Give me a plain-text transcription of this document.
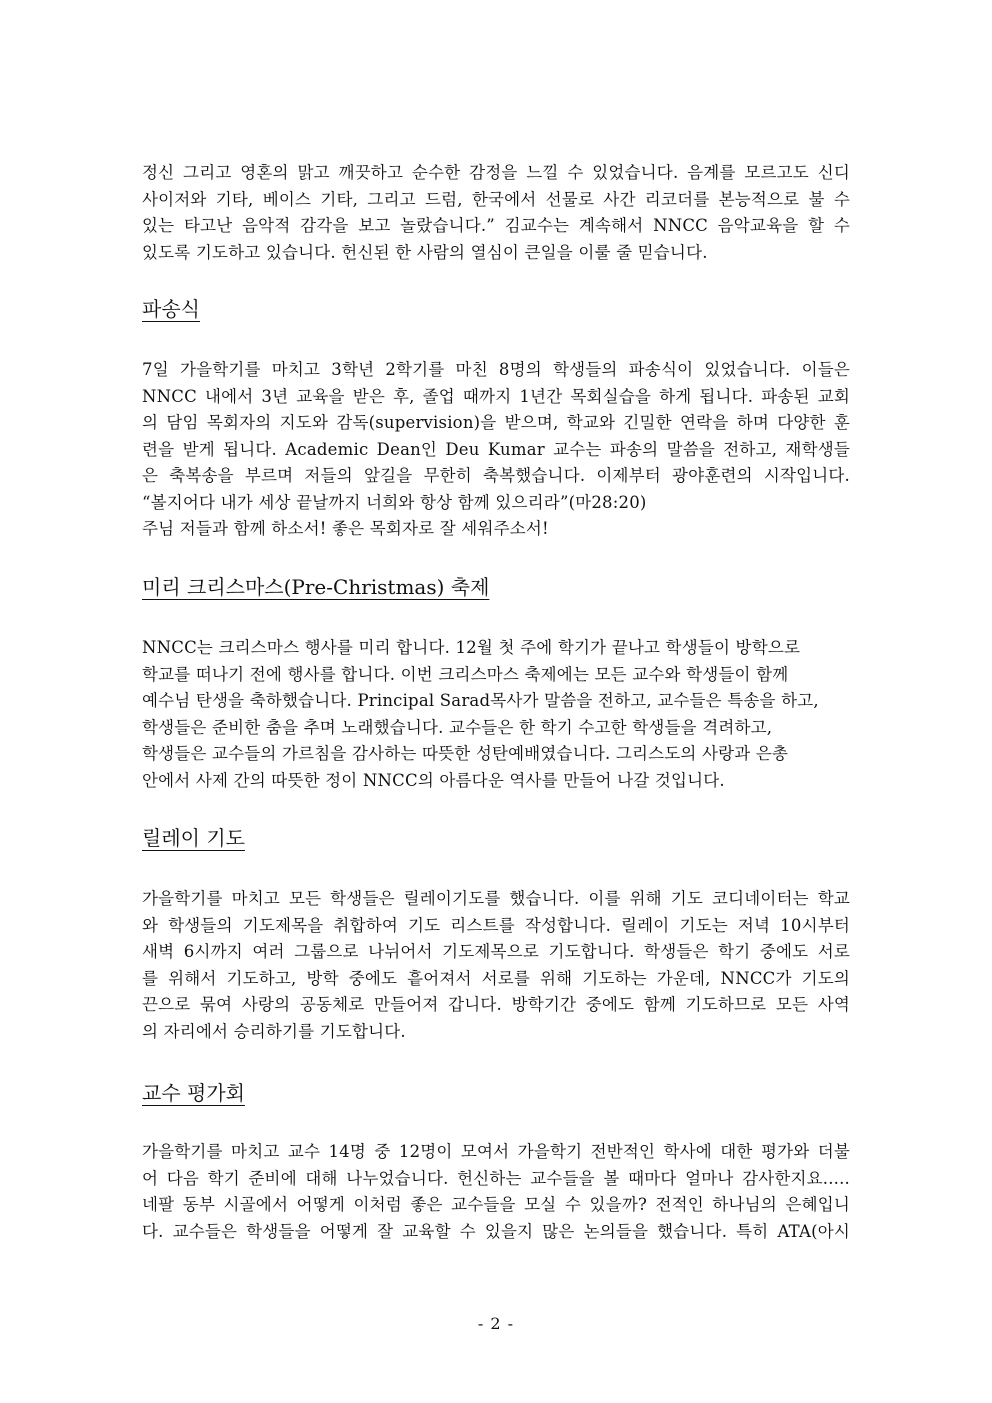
정신 그리고 영혼의 맑고 깨끗하고 순수한 감정을 느낄 수 있었습니다. 음계를 모르고도 신디
사이저와 기타, 베이스 기타, 그리고 드럼, 한국에서 선물로 사간 리코더를 본능적으로 불 수
있는 타고난 음악적 감각을 보고 놀랐습니다.” 김교수는 계속해서 NNCC 음악교육을 할 수
있도록 기도하고 있습니다. 헌신된 한 사람의 열심이 큰일을 이룰 줄 믿습니다.
파송식
7일 가을학기를 마치고 3학년 2학기를 마친 8명의 학생들의 파송식이 있었습니다. 이들은
NNCC 내에서 3년 교육을 받은 후, 졸업 때까지 1년간 목회실습을 하게 됩니다. 파송된 교회
의 담임 목회자의 지도와 감독(supervision)을 받으며, 학교와 긴밀한 연락을 하며 다양한 훈
련을 받게 됩니다. Academic Dean인 Deu Kumar 교수는 파송의 말씀을 전하고, 재학생들
은 축복송을 부르며 저들의 앞길을 무한히 축복했습니다. 이제부터 광야훈련의 시작입니다.
“볼지어다 내가 세상 끝날까지 너희와 항상 함께 있으리라”(마28:20)
주님 저들과 함께 하소서! 좋은 목회자로 잘 세워주소서!
미리 크리스마스(Pre-Christmas) 축제
NNCC는 크리스마스 행사를 미리 합니다. 12월 첫 주에 학기가 끝나고 학생들이 방학으로
학교를 떠나기 전에 행사를 합니다. 이번 크리스마스 축제에는 모든 교수와 학생들이 함께
예수님 탄생을 축하했습니다. Principal Sarad목사가 말씀을 전하고, 교수들은 특송을 하고,
학생들은 준비한 춤을 추며 노래했습니다. 교수들은 한 학기 수고한 학생들을 격려하고,
학생들은 교수들의 가르침을 감사하는 따뜻한 성탄예배였습니다. 그리스도의 사랑과 은총
안에서 사제 간의 따뜻한 정이 NNCC의 아름다운 역사를 만들어 나갈 것입니다.
릴레이 기도
가을학기를 마치고 모든 학생들은 릴레이기도를 했습니다. 이를 위해 기도 코디네이터는 학교
와 학생들의 기도제목을 취합하여 기도 리스트를 작성합니다. 릴레이 기도는 저녁 10시부터
새벽 6시까지 여러 그룹으로 나뉘어서 기도제목으로 기도합니다. 학생들은 학기 중에도 서로
를 위해서 기도하고, 방학 중에도 흩어져서 서로를 위해 기도하는 가운데, NNCC가 기도의
끈으로 묶여 사랑의 공동체로 만들어져 갑니다. 방학기간 중에도 함께 기도하므로 모든 사역
의 자리에서 승리하기를 기도합니다.
교수 평가회
가을학기를 마치고 교수 14명 중 12명이 모여서 가을학기 전반적인 학사에 대한 평가와 더불
어 다음 학기 준비에 대해 나누었습니다. 헌신하는 교수들을 볼 때마다 얼마나 감사한지요.....
네팔 동부 시골에서 어떻게 이처럼 좋은 교수들을 모실 수 있을까? 전적인 하나님의 은혜입니
다. 교수들은 학생들을 어떻게 잘 교육할 수 있을지 많은 논의들을 했습니다. 특히 ATA(아시
- 2 -
